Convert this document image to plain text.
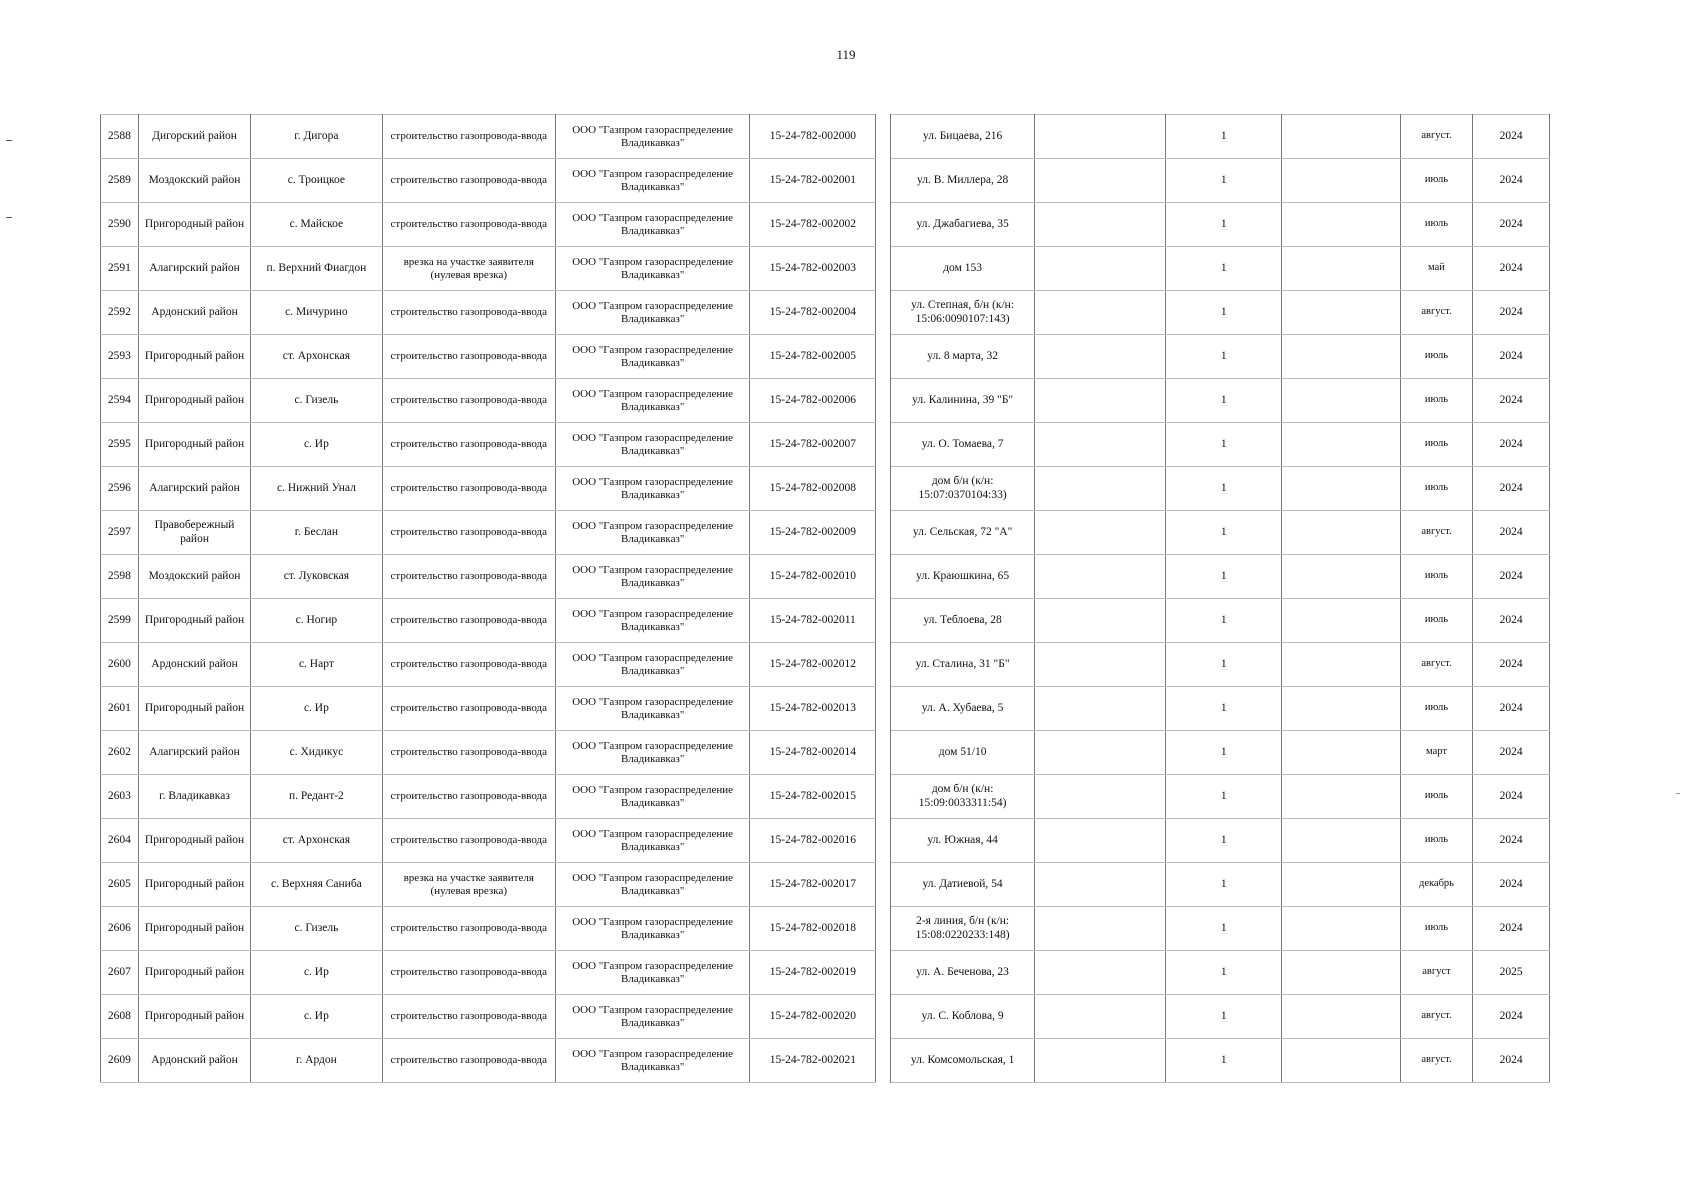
119
2588	Дигорский район	г. Дигора	строительство газопровода-ввода	ООО "Газпром газораспределение Владикавказ"	15-24-782-002000		ул. Бицаева, 216		1		август.	2024
2589	Моздокский район	с. Троицкое	строительство газопровода-ввода	ООО "Газпром газораспределение Владикавказ"	15-24-782-002001		ул. В. Миллера, 28		1		июль	2024
2590	Пригородный район	с. Майское	строительство газопровода-ввода	ООО "Газпром газораспределение Владикавказ"	15-24-782-002002		ул. Джабагиева, 35		1		июль	2024
2591	Алагирский район	п. Верхний Фиагдон	врезка на участке заявителя (нулевая врезка)	ООО "Газпром газораспределение Владикавказ"	15-24-782-002003		дом 153		1		май	2024
2592	Ардонский район	с. Мичурино	строительство газопровода-ввода	ООО "Газпром газораспределение Владикавказ"	15-24-782-002004		ул. Степная, б/н (к/н: 15:06:0090107:143)		1		август.	2024
2593	Пригородный район	ст. Архонская	строительство газопровода-ввода	ООО "Газпром газораспределение Владикавказ"	15-24-782-002005		ул. 8 марта, 32		1		июль	2024
2594	Пригородный район	с. Гизель	строительство газопровода-ввода	ООО "Газпром газораспределение Владикавказ"	15-24-782-002006		ул. Калинина, 39 "Б"		1		июль	2024
2595	Пригородный район	с. Ир	строительство газопровода-ввода	ООО "Газпром газораспределение Владикавказ"	15-24-782-002007		ул. О. Томаева, 7		1		июль	2024
2596	Алагирский район	с. Нижний Унал	строительство газопровода-ввода	ООО "Газпром газораспределение Владикавказ"	15-24-782-002008		дом б/н (к/н: 15:07:0370104:33)		1		июль	2024
2597	Правобережный район	г. Беслан	строительство газопровода-ввода	ООО "Газпром газораспределение Владикавказ"	15-24-782-002009		ул. Сельская, 72 "А"		1		август.	2024
2598	Моздокский район	ст. Луковская	строительство газопровода-ввода	ООО "Газпром газораспределение Владикавказ"	15-24-782-002010		ул. Краюшкина, 65		1		июль	2024
2599	Пригородный район	с. Ногир	строительство газопровода-ввода	ООО "Газпром газораспределение Владикавказ"	15-24-782-002011		ул. Теблоева, 28		1		июль	2024
2600	Ардонский район	с. Нарт	строительство газопровода-ввода	ООО "Газпром газораспределение Владикавказ"	15-24-782-002012		ул. Сталина, 31 "Б"		1		август.	2024
2601	Пригородный район	с. Ир	строительство газопровода-ввода	ООО "Газпром газораспределение Владикавказ"	15-24-782-002013		ул. А. Хубаева, 5		1		июль	2024
2602	Алагирский район	с. Хидикус	строительство газопровода-ввода	ООО "Газпром газораспределение Владикавказ"	15-24-782-002014		дом 51/10		1		март	2024
2603	г. Владикавказ	п. Редант-2	строительство газопровода-ввода	ООО "Газпром газораспределение Владикавказ"	15-24-782-002015		дом б/н (к/н: 15:09:0033311:54)		1		июль	2024
2604	Пригородный район	ст. Архонская	строительство газопровода-ввода	ООО "Газпром газораспределение Владикавказ"	15-24-782-002016		ул. Южная, 44		1		июль	2024
2605	Пригородный район	с. Верхняя Саниба	врезка на участке заявителя (нулевая врезка)	ООО "Газпром газораспределение Владикавказ"	15-24-782-002017		ул. Датиевой, 54		1		декабрь	2024
2606	Пригородный район	с. Гизель	строительство газопровода-ввода	ООО "Газпром газораспределение Владикавказ"	15-24-782-002018		2-я линия, б/н (к/н: 15:08:0220233:148)		1		июль	2024
2607	Пригородный район	с. Ир	строительство газопровода-ввода	ООО "Газпром газораспределение Владикавказ"	15-24-782-002019		ул. А. Беченова, 23		1		август	2025
2608	Пригородный район	с. Ир	строительство газопровода-ввода	ООО "Газпром газораспределение Владикавказ"	15-24-782-002020		ул. С. Коблова, 9		1		август.	2024
2609	Ардонский район	г. Ардон	строительство газопровода-ввода	ООО "Газпром газораспределение Владикавказ"	15-24-782-002021		ул. Комсомольская, 1		1		август.	2024
